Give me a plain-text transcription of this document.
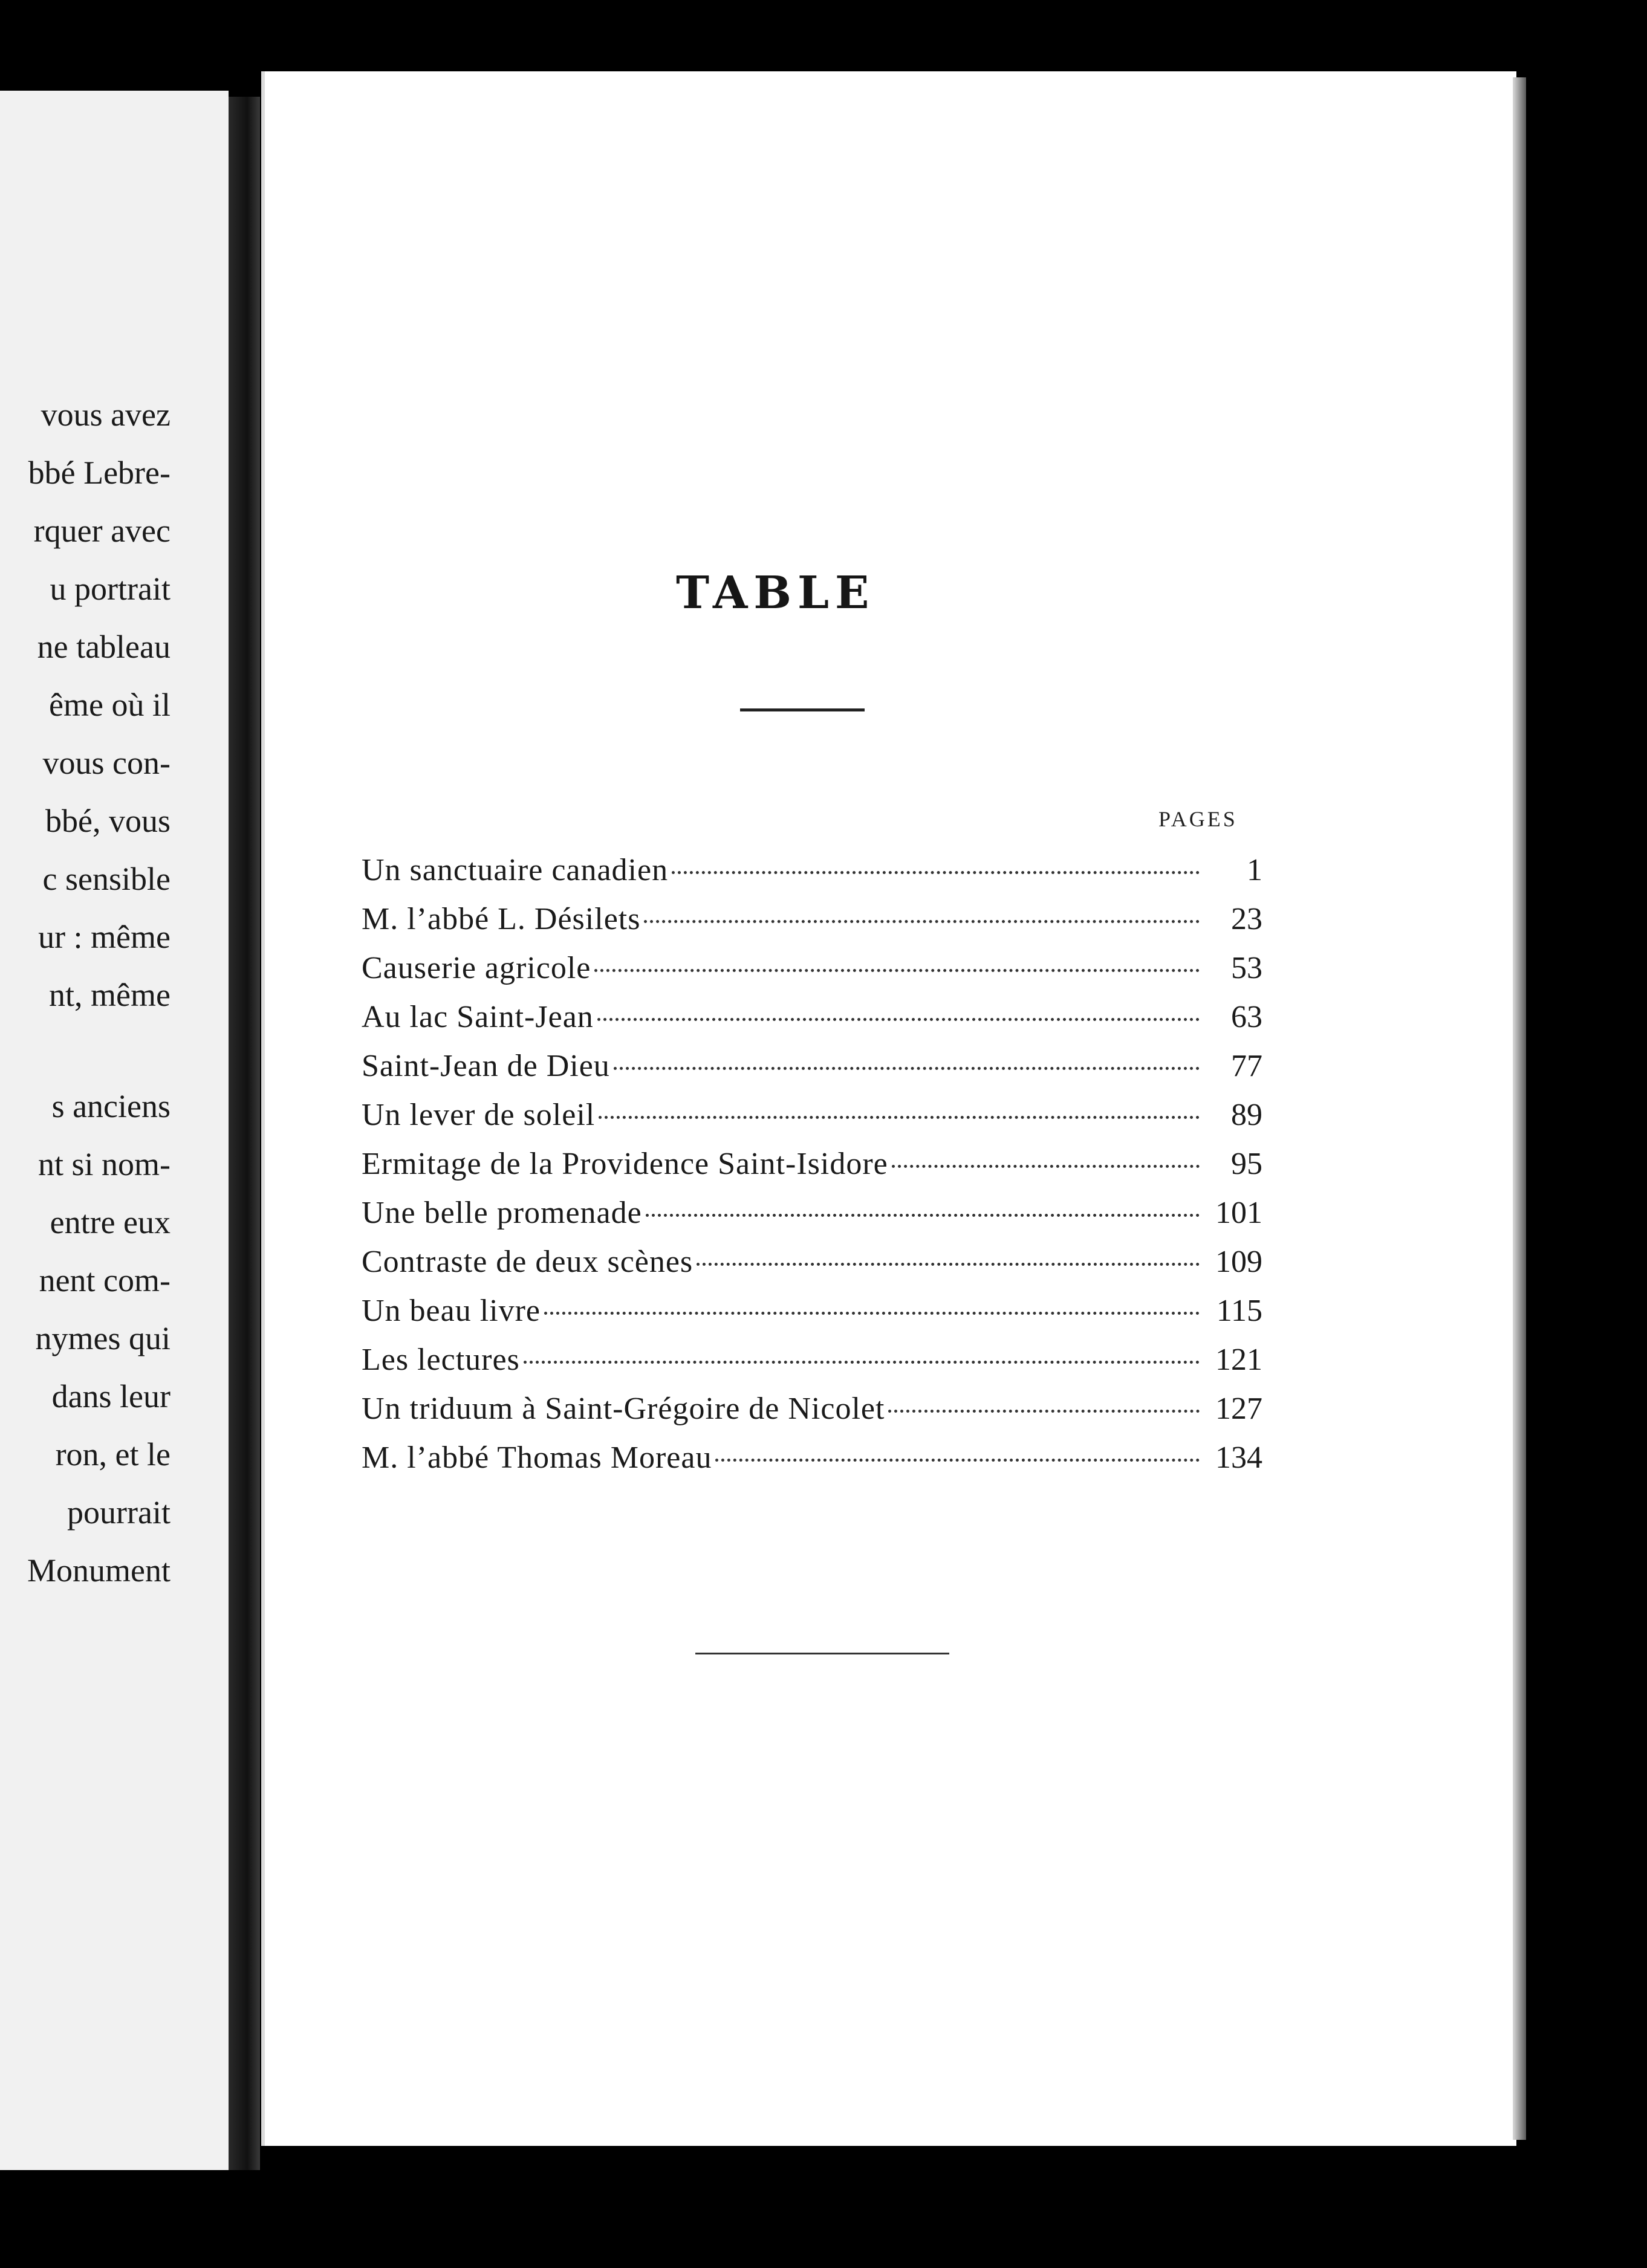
vous avez

bbé Lebre-

rquer avec

u portrait

ne tableau

ême où il

vous con-

bbé, vous

c sensible

ur : même

nt, même

s anciens

nt si nom-

entre eux

nent com-

nymes qui

dans leur

ron, et le

pourrait

Monument

TABLE
PAGES
Un sanctuaire canadien	1
M. l’abbé L. Désilets	23
Causerie agricole	53
Au lac Saint-Jean	63
Saint-Jean de Dieu	77
Un lever de soleil	89
Ermitage de la Providence Saint-Isidore	95
Une belle promenade	101
Contraste de deux scènes	109
Un beau livre	115
Les lectures	121
Un triduum à Saint-Grégoire de Nicolet	127
M. l’abbé Thomas Moreau	134
